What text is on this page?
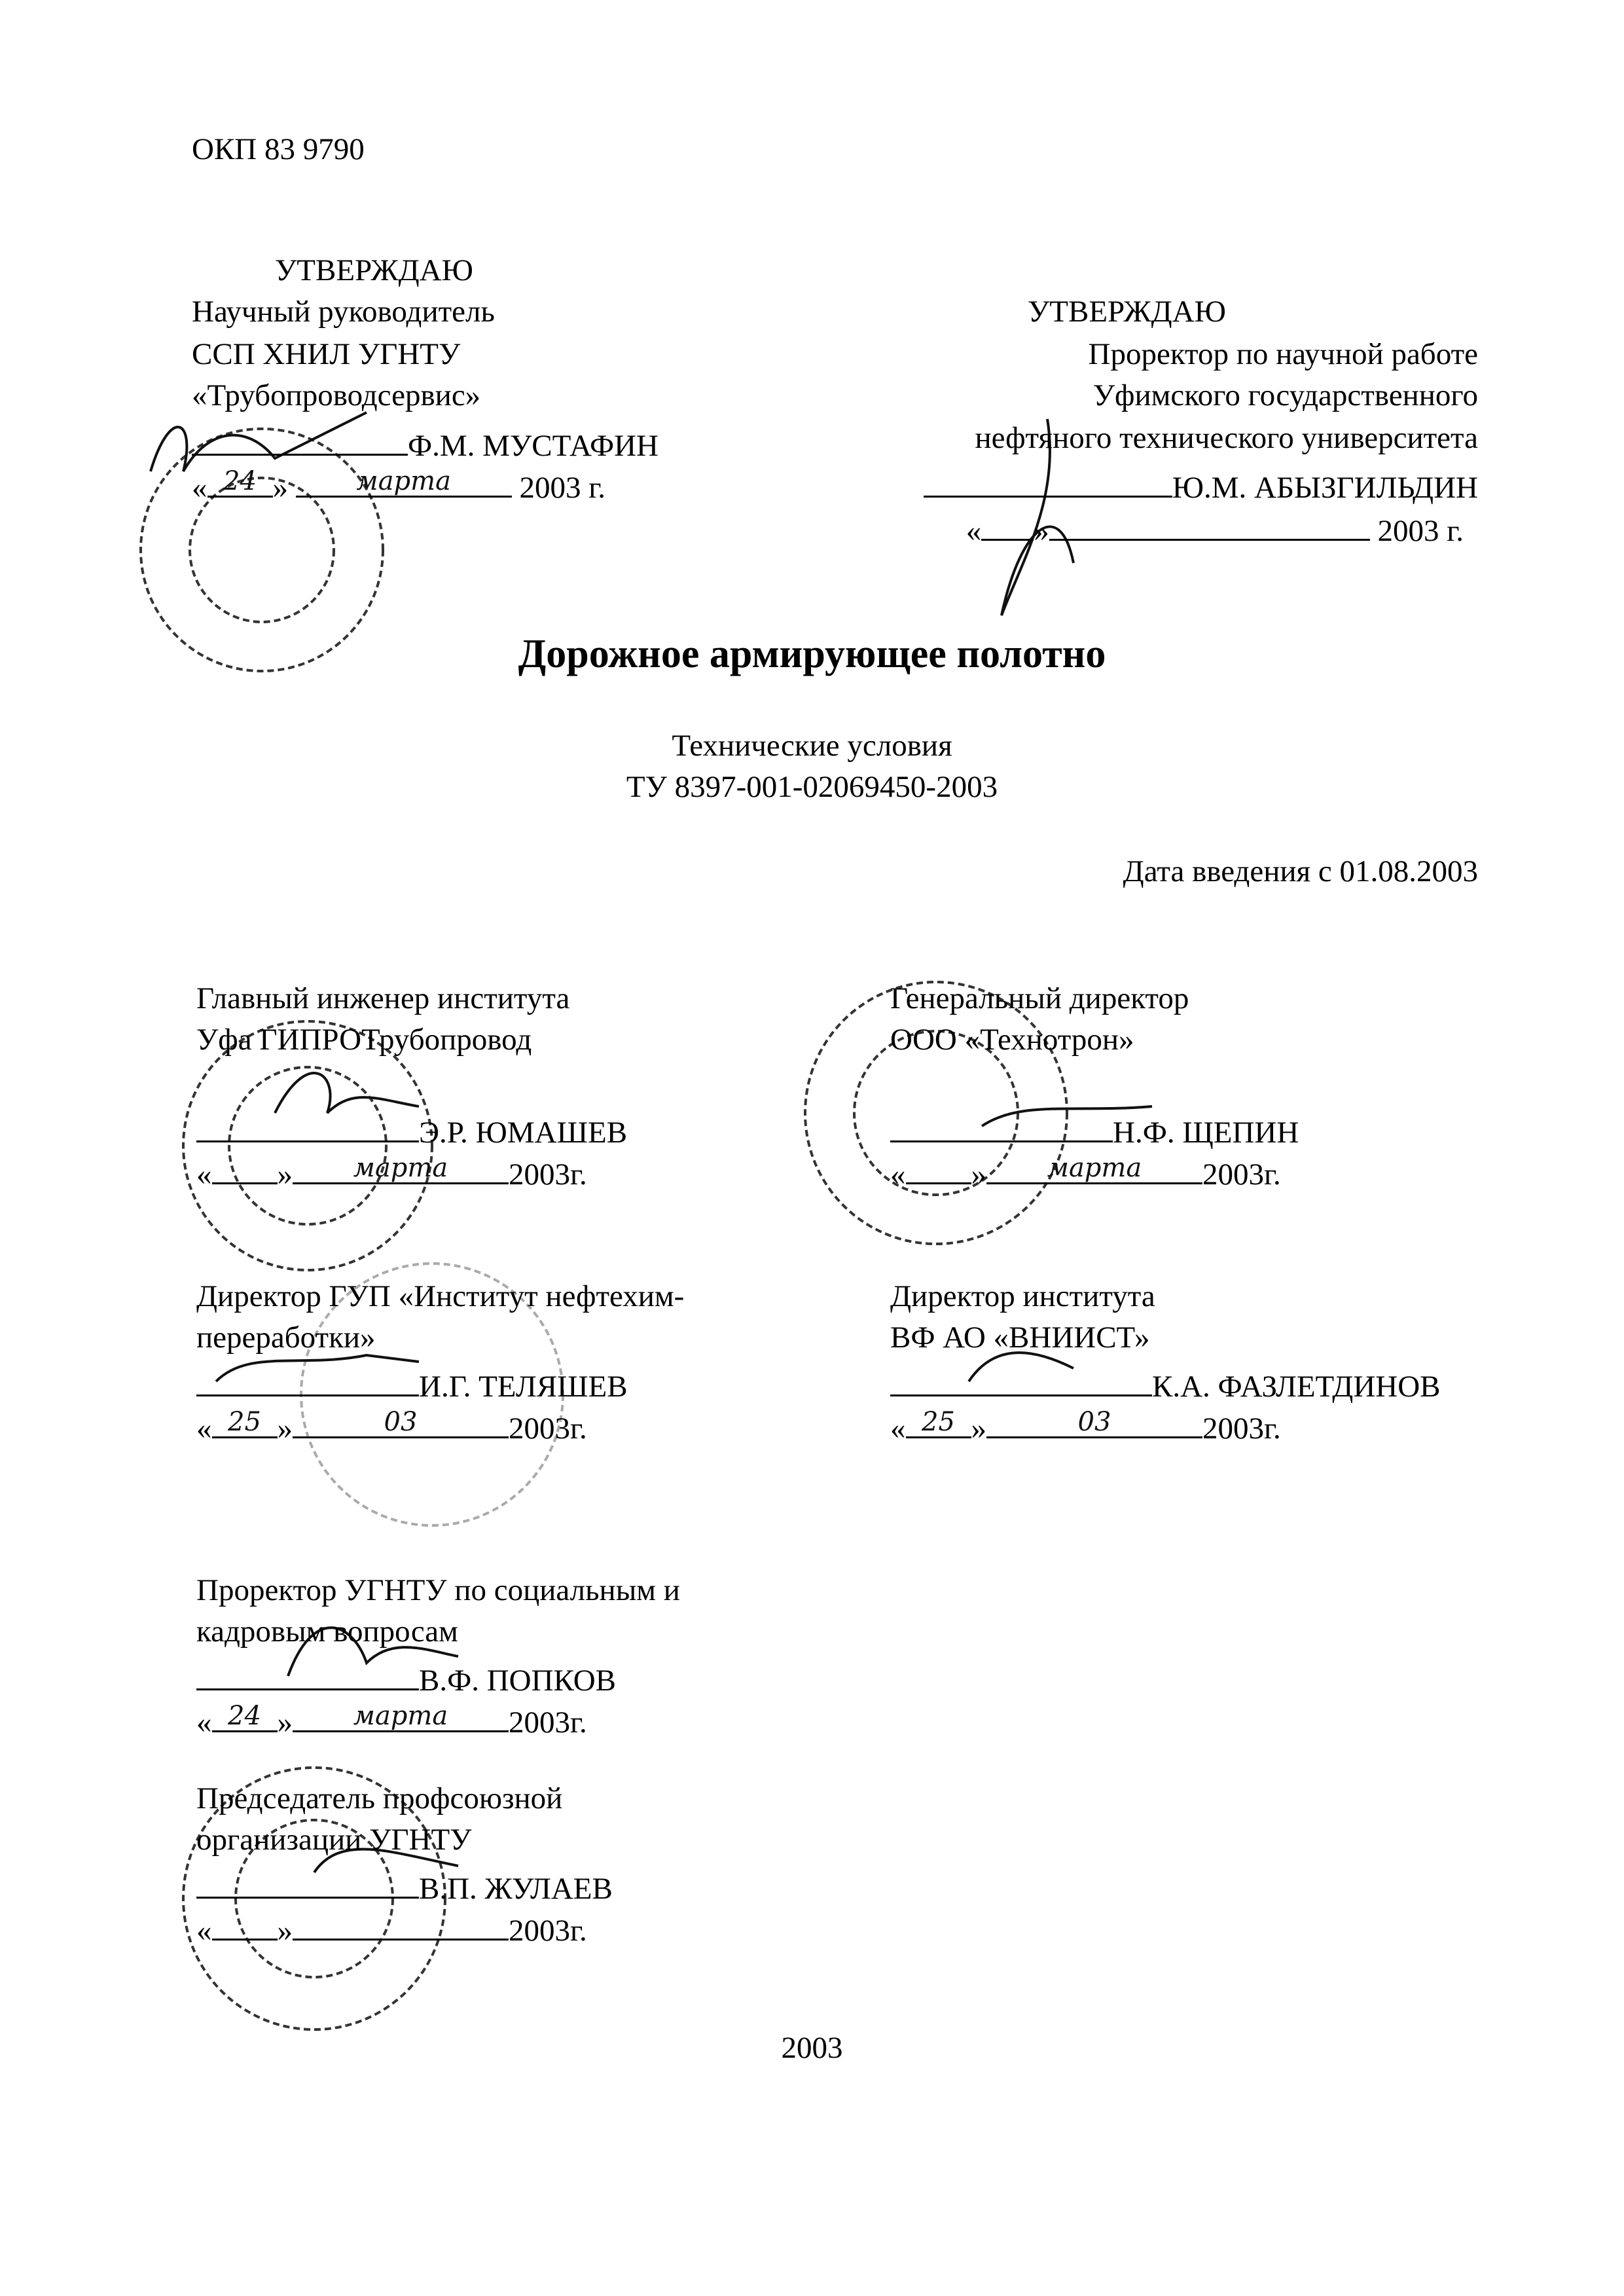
ОКП 83 9790
УТВЕРЖДАЮ
Научный руководитель
ССП ХНИЛ УГНТУ
«Трубопроводсервис»
Ф.М. МУСТАФИН
« 24 » марта 2003 г.
УТВЕРЖДАЮ
Проректор по научной работе
Уфимского государственного
нефтяного технического университета
Ю.М. АБЫЗГИЛЬДИН
« »	2003 г.
Дорожное армирующее полотно
Технические условия
ТУ 8397-001-02069450-2003
Дата введения с 01.08.2003
Главный инженер института
Уфа ГИПРОТрубопровод
Э.Р. ЮМАШЕВ
« » марта 2003г.
Генеральный директор
ООО «Технотрон»
Н.Ф. ЩЕПИН
« » марта 2003г.
Директор ГУП «Институт нефтехим-
переработки»
И.Г. ТЕЛЯШЕВ
« 25 »	03	2003г.
Директор института
ВФ АО «ВНИИСТ»
К.А. ФАЗЛЕТДИНОВ
« 25 »	03	2003г.
Проректор УГНТУ по социальным и
кадровым вопросам
В.Ф. ПОПКОВ
« 24 » марта 2003г.
Председатель профсоюзной
организации УГНТУ
В.П. ЖУЛАЕВ
« »	2003г.
2003
